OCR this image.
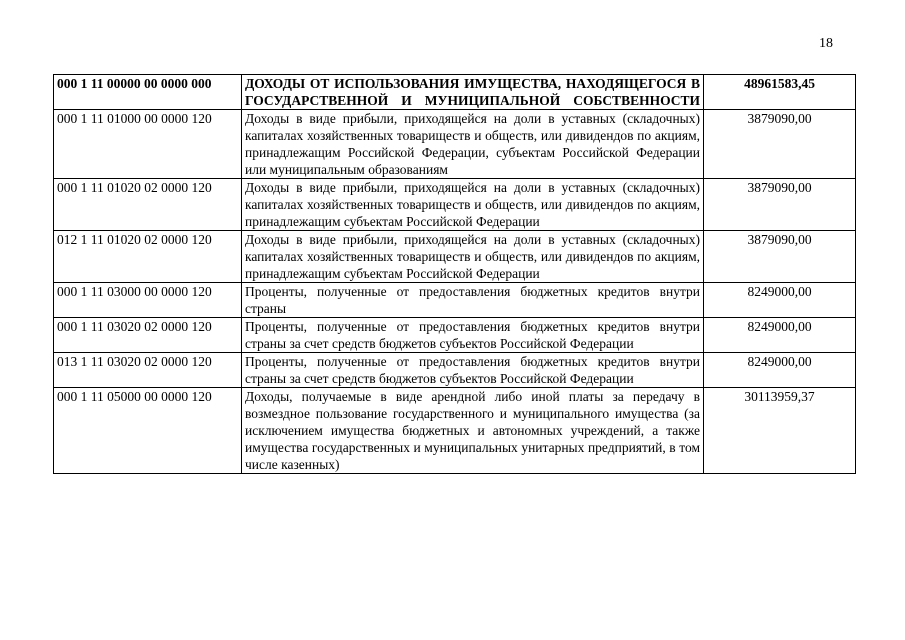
18
000 1 11 00000 00 0000 000	ДОХОДЫ ОТ ИСПОЛЬЗОВАНИЯ ИМУЩЕСТВА, НАХОДЯЩЕГОСЯ В ГОСУДАРСТВЕННОЙ И МУНИЦИПАЛЬНОЙ СОБСТВЕННОСТИ	48961583,45
000 1 11 01000 00 0000 120	Доходы в виде прибыли, приходящейся на доли в уставных (складочных) капиталах хозяйственных товариществ и обществ, или дивидендов по акциям, принадлежащим Российской Федерации, субъектам Российской Федерации или муниципальным образованиям	3879090,00
000 1 11 01020 02 0000 120	Доходы в виде прибыли, приходящейся на доли в уставных (складочных) капиталах хозяйственных товариществ и обществ, или дивидендов по акциям, принадлежащим субъектам Российской Федерации	3879090,00
012 1 11 01020 02 0000 120	Доходы в виде прибыли, приходящейся на доли в уставных (складочных) капиталах хозяйственных товариществ и обществ, или дивидендов по акциям, принадлежащим субъектам Российской Федерации	3879090,00
000 1 11 03000 00 0000 120	Проценты, полученные от предоставления бюджетных кредитов внутри страны	8249000,00
000 1 11 03020 02 0000 120	Проценты, полученные от предоставления бюджетных кредитов внутри страны за счет средств бюджетов субъектов Российской Федерации	8249000,00
013 1 11 03020 02 0000 120	Проценты, полученные от предоставления бюджетных кредитов внутри страны за счет средств бюджетов субъектов Российской Федерации	8249000,00
000 1 11 05000 00 0000 120	Доходы, получаемые в виде арендной либо иной платы за передачу в возмездное пользование государственного и муниципального имущества (за исключением имущества бюджетных и автономных учреждений, а также имущества государственных и муниципальных унитарных предприятий, в том числе казенных)	30113959,37
